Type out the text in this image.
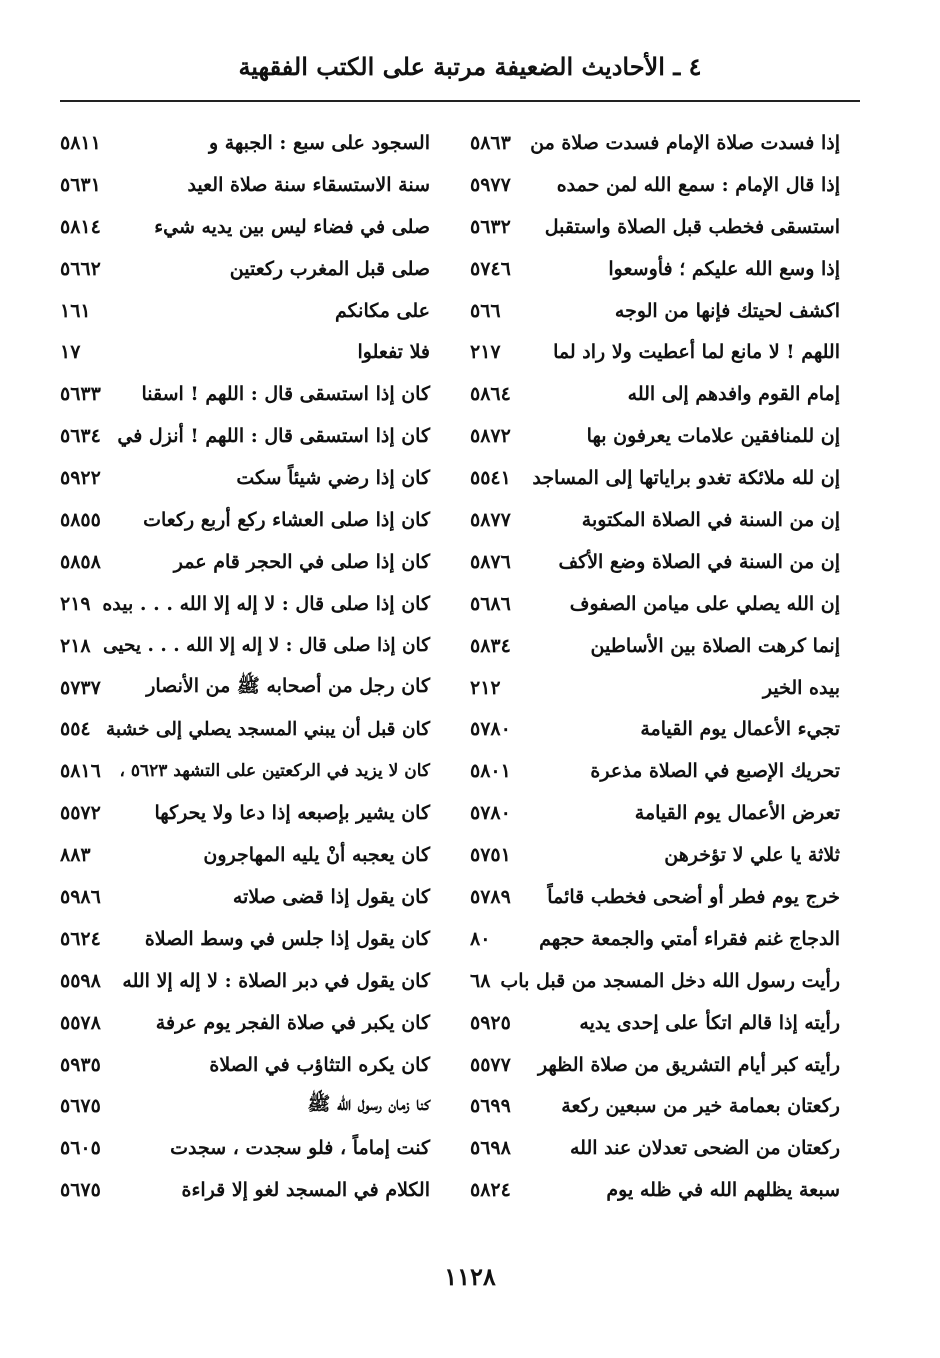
٤ ـ الأحاديث الضعيفة مرتبة على الكتب الفقهية
٥٨١١	السجود على سبع : الجبهة و
٥٦٣١	سنة الاستسقاء سنة صلاة العيد
٥٨١٤	صلى في فضاء ليس بين يديه شيء
٥٦٦٢	صلى قبل المغرب ركعتين
١٦١	على مكانكم
١٧	فلا تفعلوا
٥٦٣٣ كان إذا استسقى قال : اللهم ! اسقنا
٥٦٣٤ كان إذا استسقى قال : اللهم ! أنزل في
٥٩٢٢	كان إذا رضي شيئاً سكت
٥٨٥٥ كان إذا صلى العشاء ركع أربع ركعات
٥٨٥٨	كان إذا صلى في الحجر قام عمر
٢١٩ كان إذا صلى قال : لا إله إلا الله . . . بيده
٢١٨ كان إذا صلى قال : لا إله إلا الله . . . يحيى
٥٧٣٧ كان رجل من أصحابه ﷺ من الأنصار
٥٥٤ كان قبل أن يبني المسجد يصلي إلى خشبة
٥٨١٦ كان لا يزيد في الركعتين على التشهد ٥٦٢٣ ،
٥٥٧٢	كان يشير بإصبعه إذا دعا ولا يحركها
٨٨٣	كان يعجبه أنْ يليه المهاجرون
٥٩٨٦	كان يقول إذا قضى صلاته
٥٦٢٤ كان يقول إذا جلس في وسط الصلاة
٥٥٩٨ كان يقول في دبر الصلاة : لا إله إلا الله
٥٥٧٨	كان يكبر في صلاة الفجر يوم عرفة
٥٩٣٥	كان يكره التثاؤب في الصلاة
٥٦٧٥	كنا زمان رسول الله ﷺ
٥٦٠٥	كنت إماماً ، فلو سجدت ، سجدت
٥٦٧٥	الكلام في المسجد لغو إلا قراءة
٥٨٦٣ إذا فسدت صلاة الإمام فسدت صلاة من
٥٩٧٧ إذا قال الإمام : سمع الله لمن حمده
٥٦٣٢ استسقى فخطب قبل الصلاة واستقبل
٥٧٤٦	إذا وسع الله عليكم ؛ فأوسعوا
٥٦٦	اكشف لحيتك فإنها من الوجه
٢١٧	اللهم ! لا مانع لما أعطيت ولا راد لما
٥٨٦٤	إمام القوم وافدهم إلى الله
٥٨٧٢	إن للمنافقين علامات يعرفون بها
٥٥٤١ إن لله ملائكة تغدو براياتها إلى المساجد
٥٨٧٧	إن من السنة في الصلاة المكتوبة
٥٨٧٦	إن من السنة في الصلاة وضع الأكف
٥٦٨٦	إن الله يصلي على ميامن الصفوف
٥٨٣٤	إنما كرهت الصلاة بين الأساطين
٢١٢	بيده الخير
٥٧٨٠	تجيء الأعمال يوم القيامة
٥٨٠١	تحريك الإصبع في الصلاة مذعرة
٥٧٨٠	تعرض الأعمال يوم القيامة
٥٧٥١	ثلاثة يا علي لا تؤخرهن
٥٧٨٩ خرج يوم فطر أو أضحى فخطب قائماً
٨٠	الدجاج غنم فقراء أمتي والجمعة حجهم
٦٨ رأيت رسول الله دخل المسجد من قبل باب
٥٩٢٥	رأيته إذا قالم اتكأ على إحدى يديه
٥٥٧٧ رأيته كبر أيام التشريق من صلاة الظهر
٥٦٩٩	ركعتان بعمامة خير من سبعين ركعة
٥٦٩٨	ركعتان من الضحى تعدلان عند الله
٥٨٢٤	سبعة يظلهم الله في ظله يوم
١١٢٨
